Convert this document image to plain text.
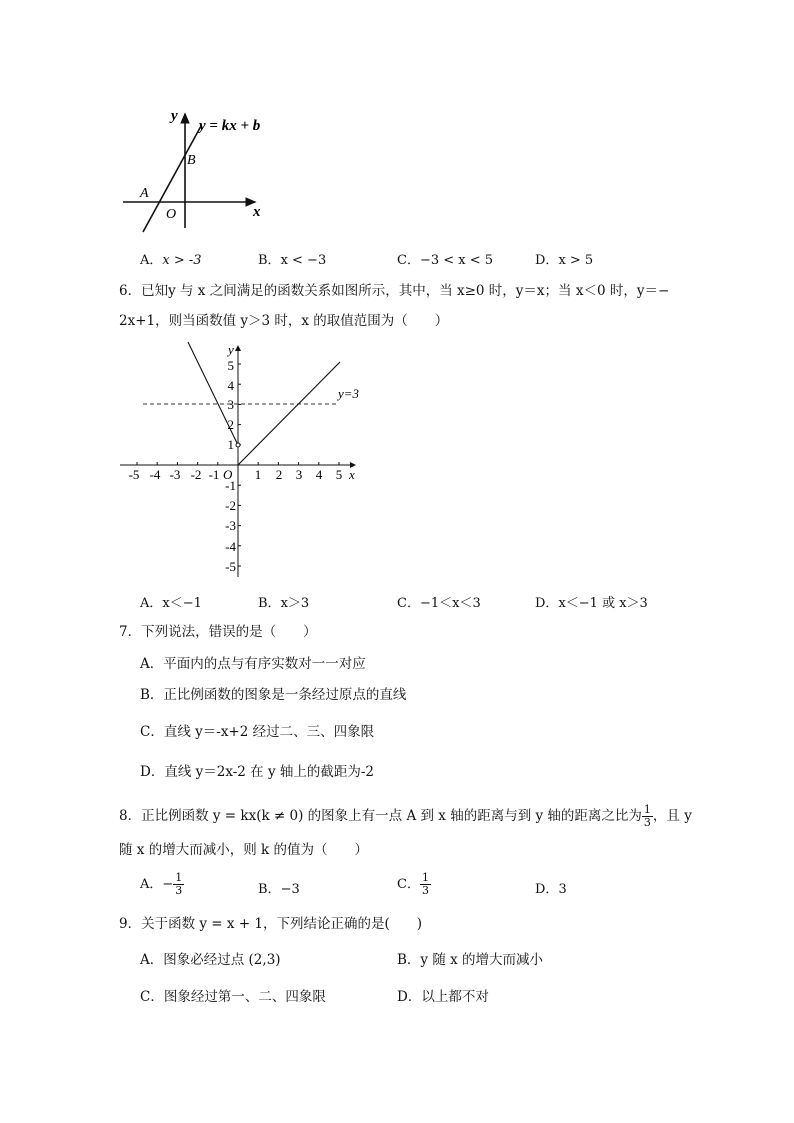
y
y = kx + b
B
A
O	x
A．x > -3	B．x < −3	C．−3 < x < 5	D．x > 5
6．已知y 与 x 之间满足的函数关系如图所示，其中，当 x≥0 时，y＝x；当 x＜0 时，y＝−
2x+1，则当函数值 y＞3 时，x 的取值范围为（　　）
y=3
y
x
O
-5 -4 -3 -2 -1	1 2 3 4 5
5
4
3
2
1
-1
-2
-3
-4
-5
A．x＜−1	B．x＞3	C．−1＜x＜3	D．x＜−1 或 x＞3
7．下列说法，错误的是（　　）
A．平面内的点与有序实数对一一对应
B．正比例函数的图象是一条经过原点的直线
C．直线 y＝-x+2 经过二、三、四象限
D．直线 y＝2x-2 在 y 轴上的截距为-2
8．正比例函数 y = kx(k ≠ 0) 的图象上有一点 A 到 x 轴的距离与到 y 轴的距离之比为 $\frac{1}{3}$ ，且 y
随 x 的增大而减小，则 k 的值为（　　）
A．− $\frac{1}{3}$	B．−3	C． $\frac{1}{3}$	D．3
9．关于函数 y = x + 1，下列结论正确的是(　　)
A．图象必经过点 (2,3)	B．y 随 x 的增大而减小
C．图象经过第一、二、四象限	D．以上都不对
